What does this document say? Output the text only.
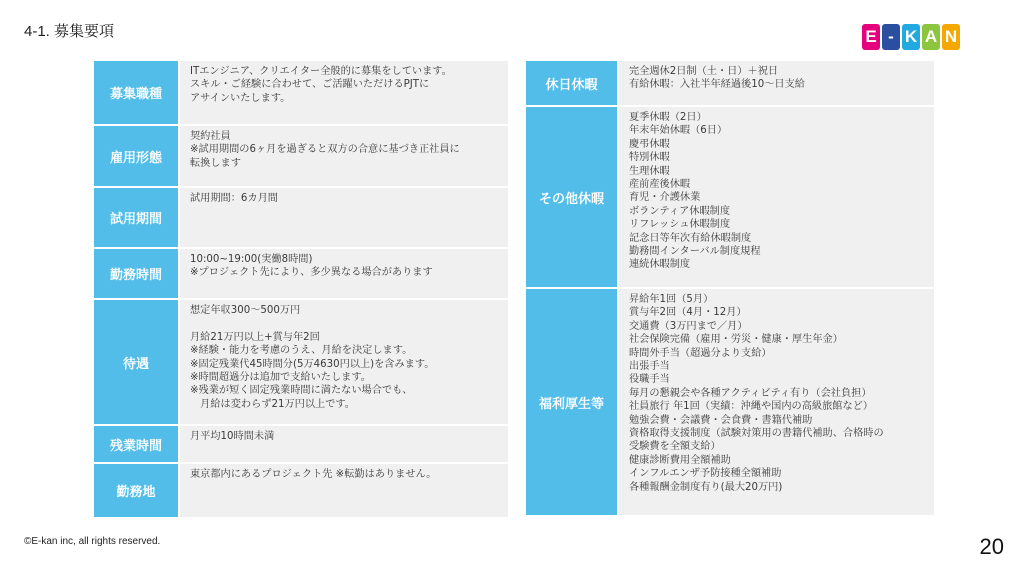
4-1. 募集要項	E - K A N
募集職種
ITエンジニア、クリエイター全般的に募集をしています。
スキル・ご経験に合わせて、ご活躍いただけるPJTに
アサインいたします。
雇用形態
契約社員
※試用期間の6ヶ月を過ぎると双方の合意に基づき正社員に
転換します
試用期間
試用期間：6カ月間
勤務時間
10:00~19:00(実働8時間)
※プロジェクト先により、多少異なる場合があります
待遇
想定年収300～500万円

月給21万円以上+賞与年2回
※経験・能力を考慮のうえ、月給を決定します。
※固定残業代45時間分(5万4630円以上)を含みます。
※時間超過分は追加で支給いたします。
※残業が短く固定残業時間に満たない場合でも、
　月給は変わらず21万円以上です。
残業時間
月平均10時間未満
勤務地
東京都内にあるプロジェクト先 ※転勤はありません。
休日休暇
完全週休2日制（土・日）＋祝日
有給休暇：入社半年経過後10～日支給
その他休暇
夏季休暇（2日）
年末年始休暇（6日）
慶弔休暇
特別休暇
生理休暇
産前産後休暇
育児・介護休業
ボランティア休暇制度
リフレッシュ休暇制度
記念日等年次有給休暇制度
勤務間インターバル制度規程
連続休暇制度
福利厚生等
昇給年1回（5月）
賞与年2回（4月・12月）
交通費（3万円まで／月）
社会保険完備（雇用・労災・健康・厚生年金）
時間外手当（超過分より支給）
出張手当
役職手当
毎月の懇親会や各種アクティビティ有り（会社負担）
社員旅行 年1回（実績：沖縄や国内の高級旅館など）
勉強会費・会議費・会食費・書籍代補助
資格取得支援制度（試験対策用の書籍代補助、合格時の
受験費を全額支給）
健康診断費用全額補助
インフルエンザ予防接種全額補助
各種報酬金制度有り(最大20万円)
©E-kan inc, all rights reserved.	20
